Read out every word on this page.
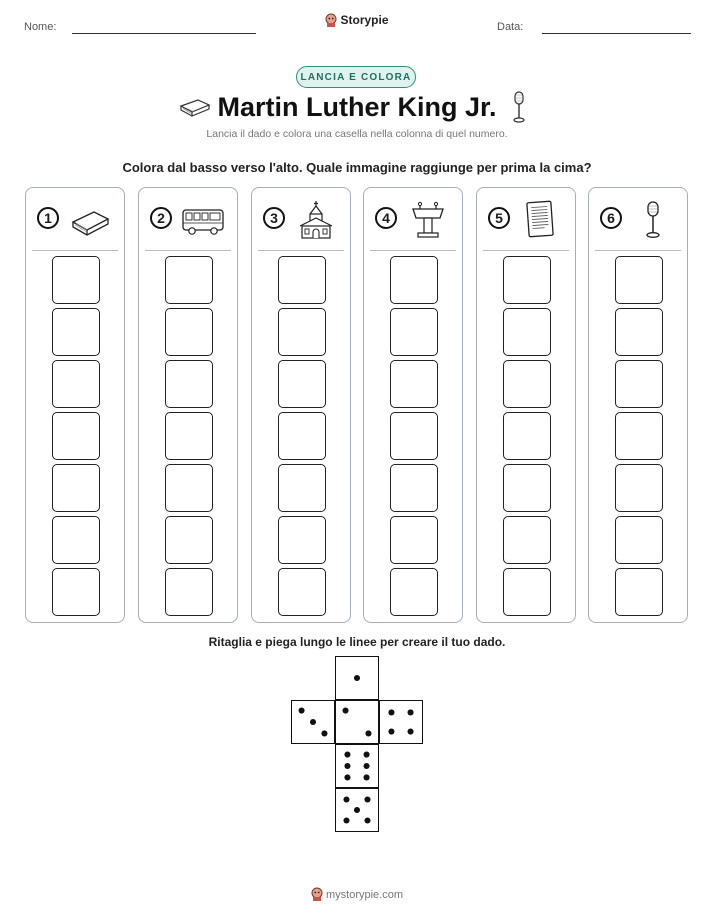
Nome:	Storypie	Data:
LANCIA E COLORA
Martin Luther King Jr.
Lancia il dado e colora una casella nella colonna di quel numero.
Colora dal basso verso l'alto. Quale immagine raggiunge per prima la cima?
1	2	3	4	5	6
Ritaglia e piega lungo le linee per creare il tuo dado.
mystorypie.com
